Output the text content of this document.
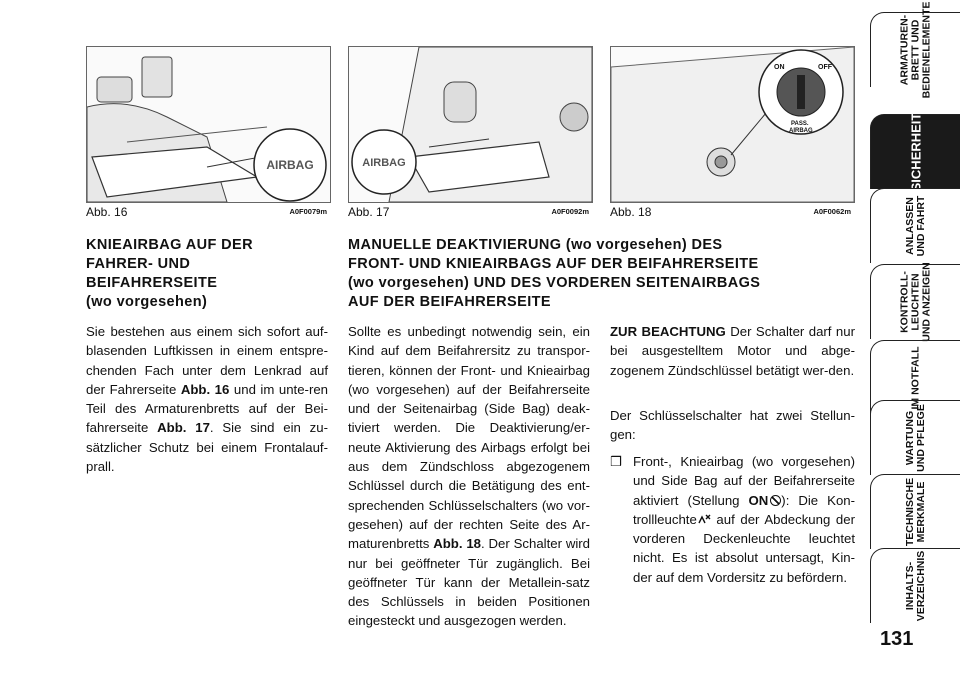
AIRBAG
Abb. 16	A0F0079m
AIRBAG
Abb. 17	A0F0092m
ON	OFF
PASS.
AIRBAG
Abb. 18	A0F0062m
KNIEAIRBAG AUF DER
FAHRER- UND
BEIFAHRERSEITE
(wo vorgesehen)

Sie bestehen aus einem sich sofort auf-blasenden Luftkissen in einem entspre-chenden Fach unter dem Lenkrad auf der Fahrerseite Abb. 16 und im unte-ren Teil des Armaturenbretts auf der Bei-fahrerseite Abb. 17. Sie sind ein zu-sätzlicher Schutz bei einem Frontalauf-prall.

MANUELLE DEAKTIVIERUNG (wo vorgesehen) DES
FRONT- UND KNIEAIRBAGS AUF DER BEIFAHRERSEITE
(wo vorgesehen) UND DES VORDEREN SEITENAIRBAGS
AUF DER BEIFAHRERSEITE

Sollte es unbedingt notwendig sein, ein Kind auf dem Beifahrersitz zu transpor-tieren, können der Front- und Knieairbag (wo vorgesehen) auf der Beifahrerseite und der Seitenairbag (Side Bag) deak-tiviert werden. Die Deaktivierung/er-neute Aktivierung des Airbags erfolgt bei aus dem Zündschloss abgezogenem Schlüssel durch die Betätigung des ent-sprechenden Schlüsselschalters (wo vor-gesehen) auf der rechten Seite des Ar-maturenbretts Abb. 18. Der Schalter wird nur bei geöffneter Tür zugänglich. Bei geöffneter Tür kann der Metallein-satz des Schlüssels in beiden Positionen eingesteckt und ausgezogen werden.

ZUR BEACHTUNG Der Schalter darf nur bei ausgestelltem Motor und abge-zogenem Zündschlüssel betätigt wer-den.

Der Schlüsselschalter hat zwei Stellun-gen:

❒ Front-, Knieairbag (wo vorgesehen) und Side Bag auf der Beifahrerseite aktiviert (Stellung ON ): Die Kon-trollleuchte auf der Abdeckung der vorderen Deckenleuchte leuchtet nicht. Es ist absolut untersagt, Kin-der auf dem Vordersitz zu befördern.

ARMATUREN- BRETT UND BEDIENELEMENTE
SICHERHEIT
ANLASSEN UND FAHRT
KONTROLL- LEUCHTEN UND ANZEIGEN
IM NOTFALL
WARTUNG UND PFLEGE
TECHNISCHE MERKMALE
INHALTS- VERZEICHNIS
131
